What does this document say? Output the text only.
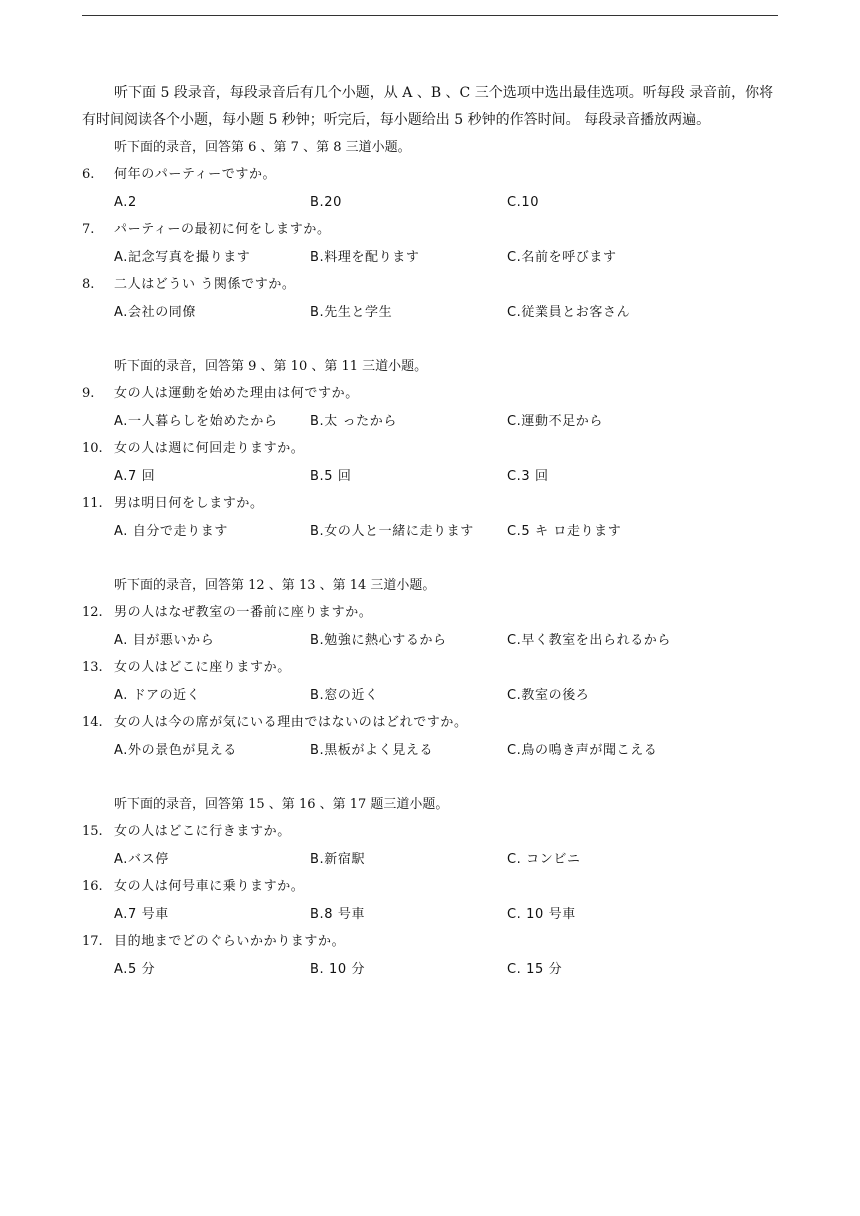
听下面 5 段录音，每段录音后有几个小题，从 A 、B 、C 三个选项中选出最佳选项。听每段 录音前，你将有时间阅读各个小题，每小题 5 秒钟；听完后，每小题给出 5 秒钟的作答时间。 每段录音播放两遍。

听下面的录音，回答第 6 、第 7 、第 8 三道小题。
6.	何年のパーティーですか。
A.2	B.20	C.10
7.	パーティーの最初に何をしますか。
A.記念写真を撮ります	B.料理を配ります	C.名前を呼びます
8.	二人はどうい う関係ですか。
A.会社の同僚	B.先生と学生	C.従業員とお客さん
听下面的录音，回答第 9 、第 10 、第 11 三道小题。
9.	女の人は運動を始めた理由は何ですか。
A.一人暮らしを始めたから	B.太 ったから	C.運動不足から
10. 女の人は週に何回走りますか。
A.7 回	B.5 回	C.3 回
11. 男は明日何をしますか。
A. 自分で走ります	B.女の人と一緒に走ります	C.5 キ ロ走ります
听下面的录音，回答第 12 、第 13 、第 14 三道小题。
12. 男の人はなぜ教室の一番前に座りますか。
A. 目が悪いから	B.勉強に熱心するから	C.早く教室を出られるから
13. 女の人はどこに座りますか。
A. ドアの近く	B.窓の近く	C.教室の後ろ
14. 女の人は今の席が気にいる理由ではないのはどれですか。
A.外の景色が見える	B.黒板がよく見える	C.鳥の鳴き声が聞こえる
听下面的录音，回答第 15 、第 16 、第 17 题三道小题。
15. 女の人はどこに行きますか。
A.バス停	B.新宿駅	C. コンビニ
16. 女の人は何号車に乗りますか。
A.7 号車	B.8 号車	C. 10 号車
17. 目的地までどのぐらいかかりますか。
A.5 分	B. 10 分	C. 15 分
